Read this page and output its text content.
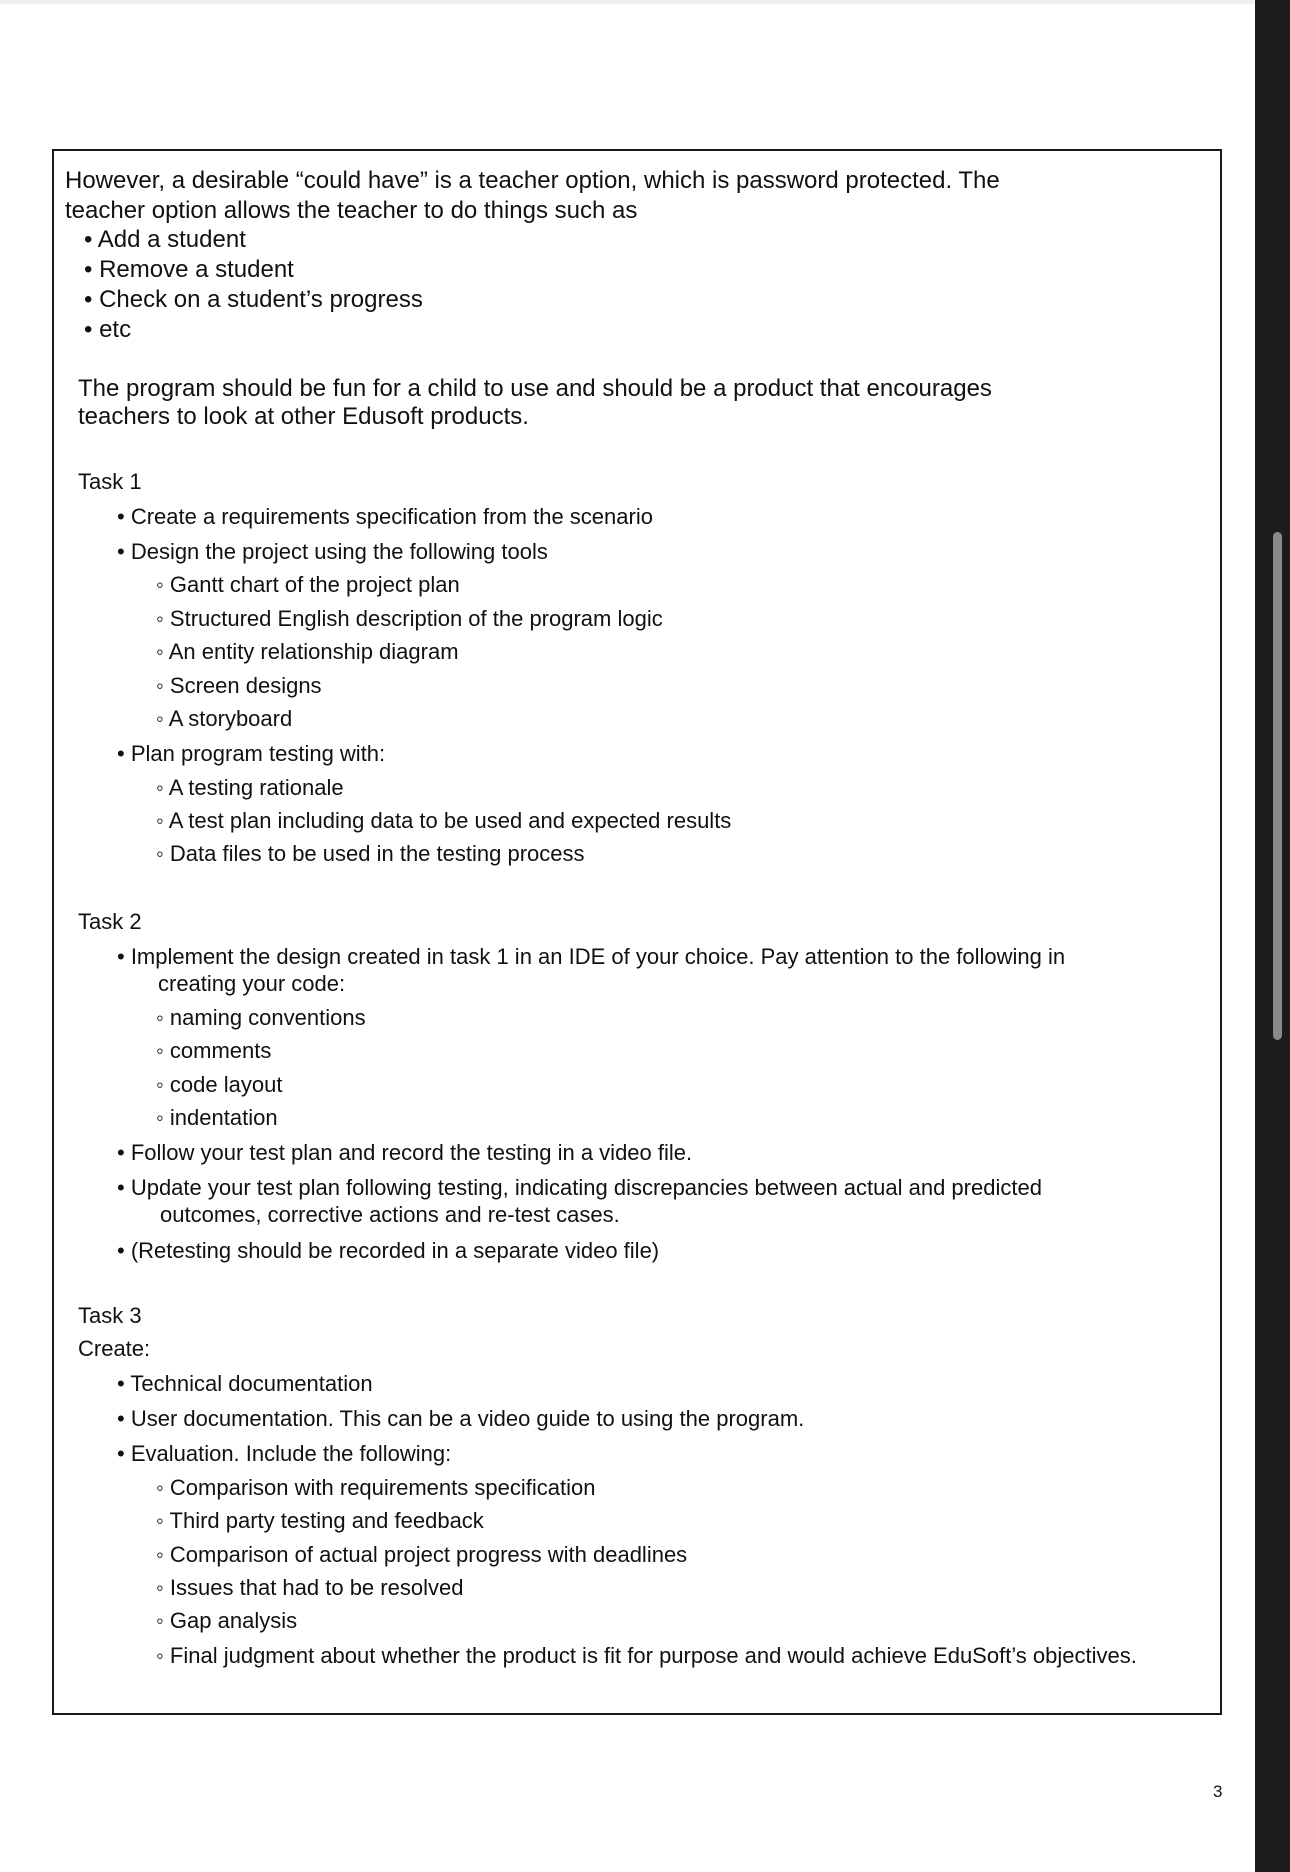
However, a desirable “could have” is a teacher option, which is password protected. The
teacher option allows the teacher to do things such as
• Add a student
• Remove a student
• Check on a student’s progress
• etc
The program should be fun for a child to use and should be a product that encourages
teachers to look at other Edusoft products.
Task 1
• Create a requirements specification from the scenario
• Design the project using the following tools
◦ Gantt chart of the project plan
◦ Structured English description of the program logic
◦ An entity relationship diagram
◦ Screen designs
◦ A storyboard
• Plan program testing with:
◦ A testing rationale
◦ A test plan including data to be used and expected results
◦ Data files to be used in the testing process
Task 2
• Implement the design created in task 1 in an IDE of your choice. Pay attention to the following in
creating your code:
◦ naming conventions
◦ comments
◦ code layout
◦ indentation
• Follow your test plan and record the testing in a video file.
• Update your test plan following testing, indicating discrepancies between actual and predicted
outcomes, corrective actions and re-test cases.
• (Retesting should be recorded in a separate video file)
Task 3
Create:
• Technical documentation
• User documentation. This can be a video guide to using the program.
• Evaluation. Include the following:
◦ Comparison with requirements specification
◦ Third party testing and feedback
◦ Comparison of actual project progress with deadlines
◦ Issues that had to be resolved
◦ Gap analysis
◦ Final judgment about whether the product is fit for purpose and would achieve EduSoft’s objectives.
3
